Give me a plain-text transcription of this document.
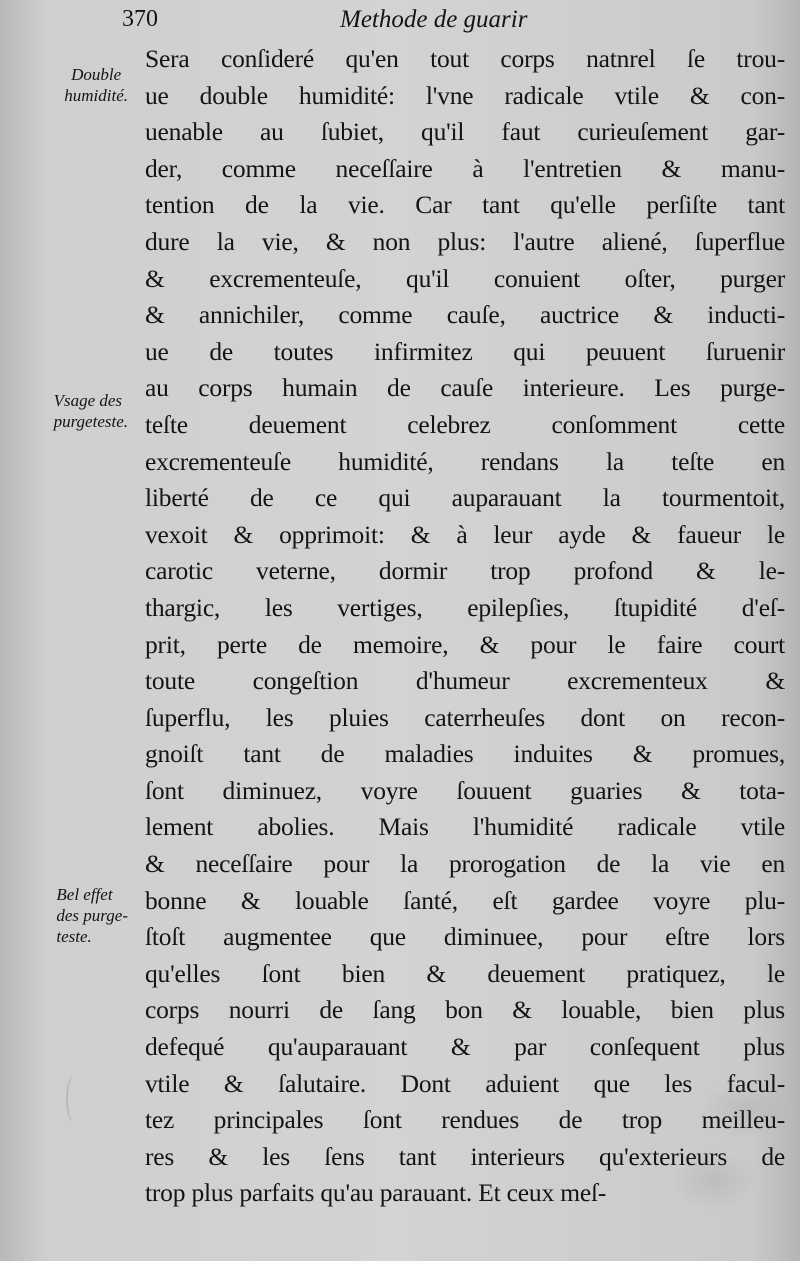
370	Methode de guarir
Double
humidité.
Vsage des
purgeteste.
Bel effet
des purge-
teste.
Sera conſideré qu'en tout corps natnrel ſe trou-
ue double humidité: l'vne radicale vtile & con-
uenable au ſubiet, qu'il faut curieuſement gar-
der, comme neceſſaire à l'entretien & manu-
tention de la vie. Car tant qu'elle perſiſte tant
dure la vie, & non plus: l'autre aliené, ſuperflue
& excrementeuſe, qu'il conuient oſter, purger
& annichiler, comme cauſe, auctrice & inducti-
ue de toutes infirmitez qui peuuent ſuruenir
au corps humain de cauſe interieure. Les purge-
teſte deuement celebrez conſomment cette
excrementeuſe humidité, rendans la teſte en
liberté de ce qui auparauant la tourmentoit,
vexoit & opprimoit: & à leur ayde & faueur le
carotic veterne, dormir trop profond & le-
thargic, les vertiges, epilepſies, ſtupidité d'eſ-
prit, perte de memoire, & pour le faire court
toute congeſtion d'humeur excrementeux &
ſuperflu, les pluies caterrheuſes dont on recon-
gnoiſt tant de maladies induites & promues,
ſont diminuez, voyre ſouuent guaries & tota-
lement abolies. Mais l'humidité radicale vtile
& neceſſaire pour la prorogation de la vie en
bonne & louable ſanté, eſt gardee voyre plu-
ſtoſt augmentee que diminuee, pour eſtre lors
qu'elles ſont bien & deuement pratiquez, le
corps nourri de ſang bon & louable, bien plus
defequé qu'auparauant & par conſequent plus
vtile & ſalutaire. Dont aduient que les facul-
tez principales ſont rendues de trop meilleu-
res & les ſens tant interieurs qu'exterieurs de
trop plus parfaits qu'au parauant. Et ceux meſ-
